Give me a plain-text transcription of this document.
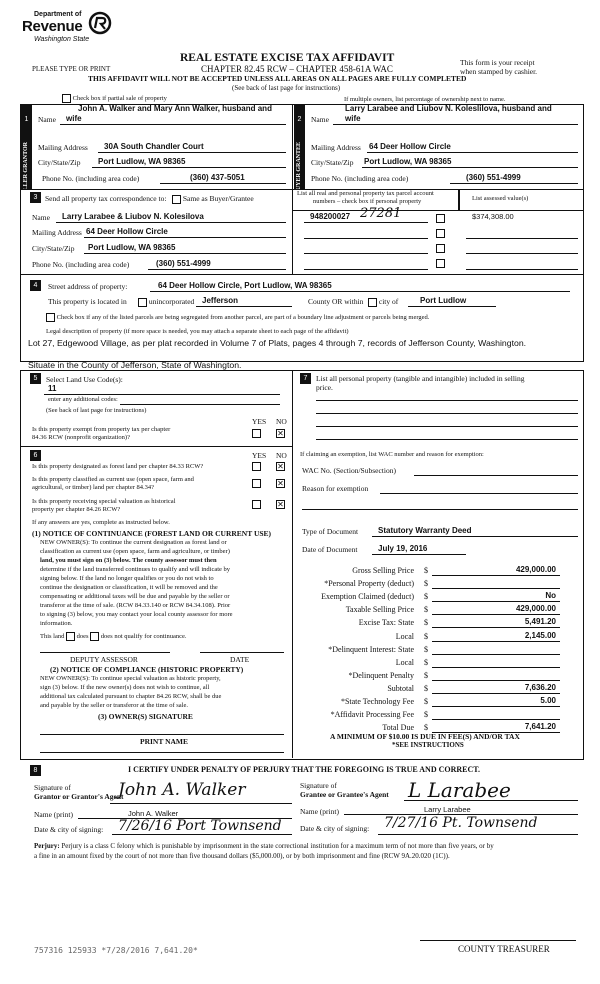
Department of
Revenue
Washington State
REAL ESTATE EXCISE TAX AFFIDAVIT
PLEASE TYPE OR PRINT	CHAPTER 82.45 RCW – CHAPTER 458-61A WAC
This form is your receipt
when stamped by cashier.
THIS AFFIDAVIT WILL NOT BE ACCEPTED UNLESS ALL AREAS ON ALL PAGES ARE FULLY COMPLETED
(See back of last page for instructions)
Check box if partial sale of property	If multiple owners, list percentage of ownership next to name.
1
SELLER GRANTOR
John A. Walker and Mary Ann Walker, husband and
Name wife
Mailing Address 30A South Chandler Court
City/State/Zip Port Ludlow, WA 98365
Phone No. (including area code)	(360) 437-5051
2
BUYER GRANTEE
Larry Larabee and Liubov N. Koleslilova, husband and
Name wife
Mailing Address 64 Deer Hollow Circle
City/State/Zip Port Ludlow, WA 98365
Phone No. (including area code)	(360) 551-4999
3	Send all property tax correspondence to:	Same as Buyer/Grantee
Name Larry Larabee & Liubov N. Kolesilova
Mailing Address 64 Deer Hollow Circle
City/State/Zip Port Ludlow, WA 98365
Phone No. (including area code)	(360) 551-4999
List all real and personal property tax parcel account
numbers – check box if personal property	List assessed value(s)
948200027 27281	$374,308.00
4	Street address of property:	64 Deer Hollow Circle, Port Ludlow, WA 98365
This property is located in	unincorporated Jefferson	County OR within	city of	Port Ludlow
Check box if any of the listed parcels are being segregated from another parcel, are part of a boundary line adjustment or parcels being merged.
Legal description of property (if more space is needed, you may attach a separate sheet to each page of the affidavit)
Lot 27, Edgewood Village, as per plat recorded in Volume 7 of Plats, pages 4 through 7, records of Jefferson County, Washington.
Situate in the County of Jefferson, State of Washington.
5	Select Land Use Code(s):
11
enter any additional codes:
(See back of last page for instructions)
YES NO
Is this property exempt from property tax per chapter
84.36 RCW (nonprofit organization)?	✕
6	YES NO
Is this property designated as forest land per chapter 84.33 RCW?	✕
Is this property classified as current use (open space, farm and
agricultural, or timber) land per chapter 84.34?	✕
Is this property receiving special valuation as historical
property per chapter 84.26 RCW?
✕
If any answers are yes, complete as instructed below.
(1) NOTICE OF CONTINUANCE (FOREST LAND OR CURRENT USE)
NEW OWNER(S): To continue the current designation as forest land or
classification as current use (open space, farm and agriculture, or timber)
land, you must sign on (3) below. The county assessor must then
determine if the land transferred continues to qualify and will indicate by
signing below. If the land no longer qualifies or you do not wish to
continue the designation or classification, it will be removed and the
compensating or additional taxes will be due and payable by the seller or
transferor at the time of sale. (RCW 84.33.140 or RCW 84.34.108). Prior
to signing (3) below, you may contact your local county assessor for more
information.
This land does does not qualify for continuance.
DEPUTY ASSESSOR	DATE
(2) NOTICE OF COMPLIANCE (HISTORIC PROPERTY)
NEW OWNER(S): To continue special valuation as historic property,
sign (3) below. If the new owner(s) does not wish to continue, all
additional tax calculated pursuant to chapter 84.26 RCW, shall be due
and payable by the seller or transferor at the time of sale.
(3) OWNER(S) SIGNATURE
PRINT NAME
7	List all personal property (tangible and intangible) included in selling
price.
If claiming an exemption, list WAC number and reason for exemption:
WAC No. (Section/Subsection)
Reason for exemption
Type of Document Statutory Warranty Deed
Date of Document	July 19, 2016
Gross Selling Price $	429,000.00
*Personal Property (deduct) $
Exemption Claimed (deduct) $	No
Taxable Selling Price $	429,000.00
Excise Tax: State $	5,491.20
Local $	2,145.00
*Delinquent Interest: State $
Local $
*Delinquent Penalty $
Subtotal $	7,636.20
*State Technology Fee $	5.00
*Affidavit Processing Fee $
Total Due $	7,641.20
A MINIMUM OF $10.00 IS DUE IN FEE(S) AND/OR TAX
*SEE INSTRUCTIONS
8	I CERTIFY UNDER PENALTY OF PERJURY THAT THE FOREGOING IS TRUE AND CORRECT.
Signature of
Grantor or Grantor's Agent
John A. Walker
Name (print)	John A. Walker
Date & city of signing: 7/26/16 Port Townsend
Signature of
Grantee or Grantee's Agent L Larabee
Name (print)	Larry Larabee
Date & city of signing: 7/27/16 Pt. Townsend
Perjury: Perjury is a class C felony which is punishable by imprisonment in the state correctional institution for a maximum term of not more than five years, or by
a fine in an amount fixed by the court of not more than five thousand dollars ($5,000.00), or by both imprisonment and fine (RCW 9A.20.020 (1C)).
757316 125933 *7/28/2016 7,641.20*	COUNTY TREASURER
